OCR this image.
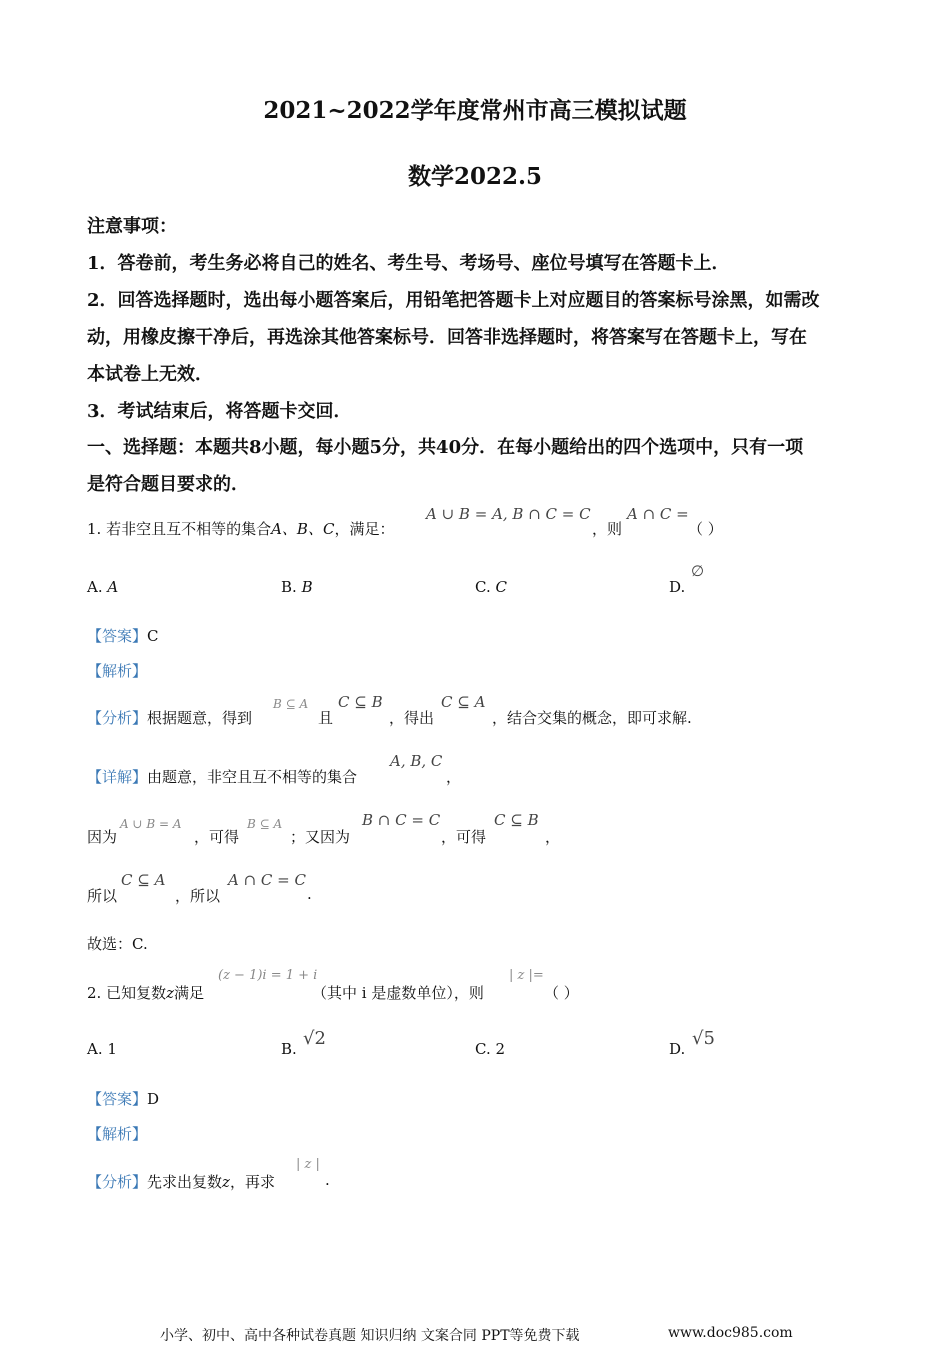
2021~2022学年度常州市高三模拟试题
数学2022.5
注意事项：
1．答卷前，考生务必将自己的姓名、考生号、考场号、座位号填写在答题卡上．
2．回答选择题时，选出每小题答案后，用铅笔把答题卡上对应题目的答案标号涂黑，如需改
动，用橡皮擦干净后，再选涂其他答案标号．回答非选择题时，将答案写在答题卡上，写在
本试卷上无效．
3．考试结束后，将答题卡交回．
一、选择题：本题共8小题，每小题5分，共40分．在每小题给出的四个选项中，只有一项
是符合题目要求的．
1. 若非空且互不相等的集合A、B、C，满足：
A ∪ B = A, B ∩ C = C
，则
A ∩ C =
（ ）
A. A	B. B	C. C	D.
∅
【答案】C
【解析】
【分析】根据题意，得到
B ⊆ A
且
C ⊆ B
，得出
C ⊆ A
，结合交集的概念，即可求解.
【详解】由题意，非空且互不相等的集合
A, B, C
，
因为
A ∪ B = A
，可得
B ⊆ A
；又因为
B ∩ C = C
，可得
C ⊆ B
，
所以
C ⊆ A
，所以
A ∩ C = C
.
故选：C.
2. 已知复数z满足
(z − 1)i = 1 + i
（其中 i 是虚数单位），则
| z |=
（ ）
A. 1	B. √2	C. 2	D. √5
【答案】D
【解析】
【分析】先求出复数z，再求
| z |
.
小学、初中、高中各种试卷真题 知识归纳 文案合同 PPT等免费下载	www.doc985.com
